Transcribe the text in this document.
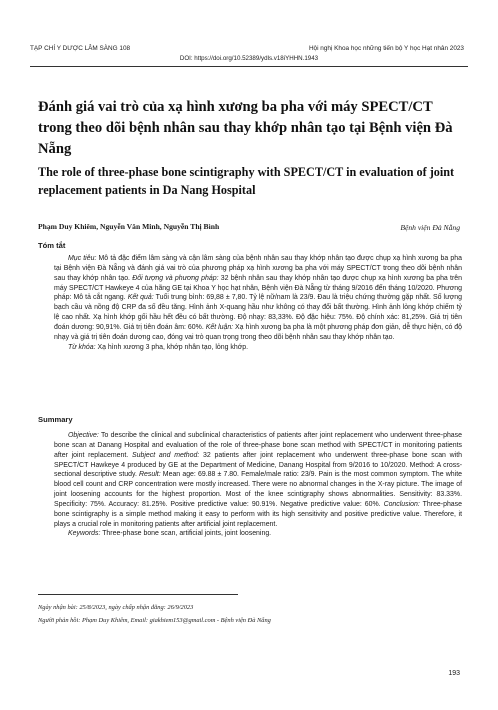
TẠP CHÍ Y DƯỢC LÂM SÀNG 108	Hội nghị Khoa học những tiến bộ Y học Hạt nhân 2023
DOI: https://doi.org/10.52389/ydls.v18iYHHN.1943
Đánh giá vai trò của xạ hình xương ba pha với máy SPECT/CT trong theo dõi bệnh nhân sau thay khớp nhân tạo tại Bệnh viện Đà Nẵng
The role of three-phase bone scintigraphy with SPECT/CT in evaluation of joint replacement patients in Da Nang Hospital
Phạm Duy Khiêm, Nguyễn Văn Minh, Nguyễn Thị Bình	Bệnh viện Đà Nẵng
Tóm tắt

Mục tiêu: Mô tả đặc điểm lâm sàng và cận lâm sàng của bệnh nhân sau thay khớp nhân tạo được chụp xạ hình xương ba pha tại Bệnh viện Đà Nẵng và đánh giá vai trò của phương pháp xạ hình xương ba pha với máy SPECT/CT trong theo dõi bệnh nhân sau thay khớp nhân tạo. Đối tượng và phương pháp: 32 bệnh nhân sau thay khớp nhân tạo được chụp xạ hình xương ba pha trên máy SPECT/CT Hawkeye 4 của hãng GE tại Khoa Y học hạt nhân, Bệnh viện Đà Nẵng từ tháng 9/2016 đến tháng 10/2020. Phương pháp: Mô tả cắt ngang. Kết quả: Tuổi trung bình: 69,88 ± 7,80. Tỷ lệ nữ/nam là 23/9. Đau là triệu chứng thường gặp nhất. Số lượng bạch cầu và nồng độ CRP đa số đều tăng. Hình ảnh X-quang hầu như không có thay đổi bất thường. Hình ảnh lỏng khớp chiếm tỷ lệ cao nhất. Xạ hình khớp gối hầu hết đều có bất thường. Độ nhạy: 83,33%. Độ đặc hiệu: 75%. Độ chính xác: 81,25%. Giá trị tiên đoán dương: 90,91%. Giá trị tiên đoán âm: 60%. Kết luận: Xạ hình xương ba pha là một phương pháp đơn giản, dễ thực hiện, có độ nhạy và giá trị tiên đoán dương cao, đóng vai trò quan trọng trong theo dõi bệnh nhân sau thay khớp nhân tạo.

Từ khóa: Xạ hình xương 3 pha, khớp nhân tạo, lỏng khớp.

Summary

Objective: To describe the clinical and subclinical characteristics of patients after joint replacement who underwent three-phase bone scan at Danang Hospital and evaluation of the role of three-phase bone scan method with SPECT/CT in monitoring patients after joint replacement. Subject and method: 32 patients after joint replacement who underwent three-phase bone scan with SPECT/CT Hawkeye 4 produced by GE at the Department of Medicine, Danang Hospital from 9/2016 to 10/2020. Method: A cross-sectional descriptive study. Result: Mean age: 69.88 ± 7.80. Female/male ratio: 23/9. Pain is the most common symptom. The white blood cell count and CRP concentration were mostly increased. There were no abnormal changes in the X-ray picture. The image of joint loosening accounts for the highest proportion. Most of the knee scintigraphy shows abnormalities. Sensitivity: 83.33%. Specificity: 75%. Accuracy: 81.25%. Positive predictive value: 90.91%. Negative predictive value: 60%. Conclusion: Three-phase bone scintigraphy is a simple method making it easy to perform with its high sensitivity and positive predictive value. Therefore, it plays a crucial role in monitoring patients after artificial joint replacement.

Keywords: Three-phase bone scan, artificial joints, joint loosening.

Ngày nhận bài: 25/8/2023, ngày chấp nhận đăng: 26/9/2023
Người phản hồi: Phạm Duy Khiêm, Email: giakhiem153@gmail.com - Bệnh viện Đà Nẵng
193
